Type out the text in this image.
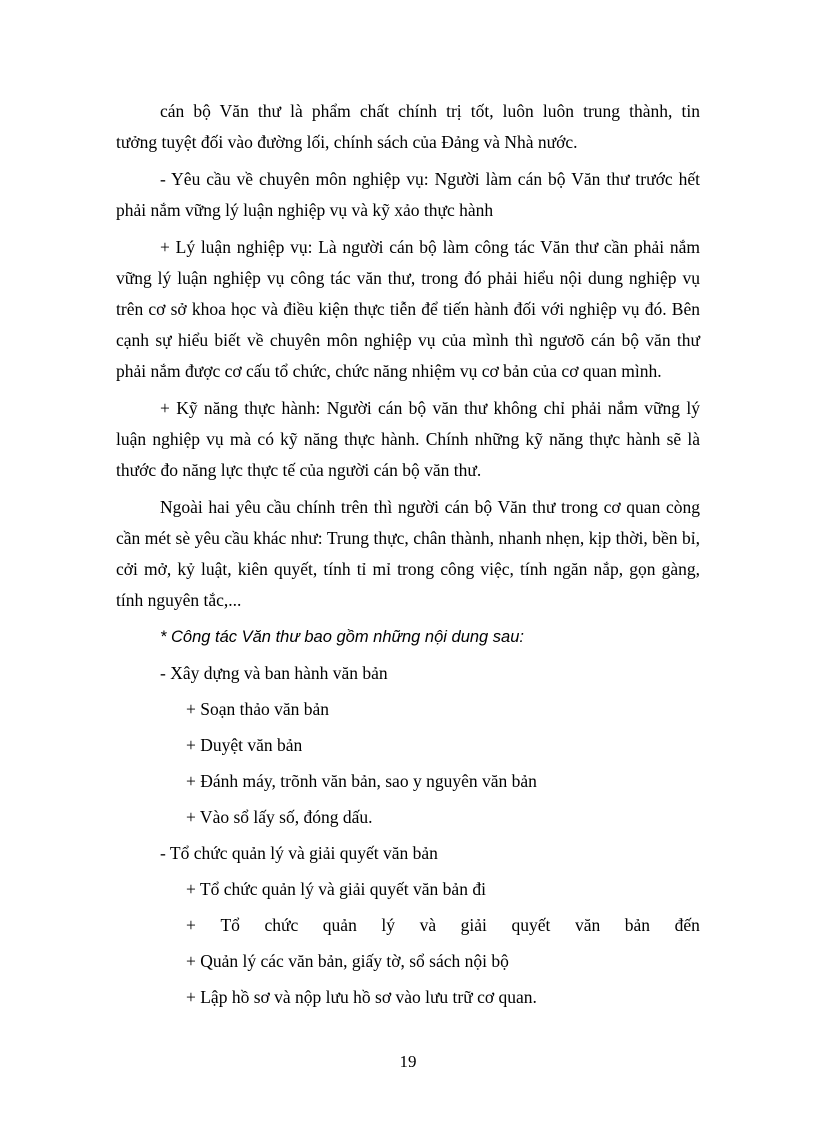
cán bộ Văn thư là phẩm chất chính trị tốt, luôn luôn trung thành, tin

tưởng tuyệt đối vào đường lối, chính sách của Đảng và Nhà nước.

- Yêu cầu về chuyên môn nghiệp vụ: Người làm cán bộ Văn thư trước hết phải nắm vững lý luận nghiệp vụ và kỹ xảo thực hành

+ Lý luận nghiệp vụ: Là người cán bộ làm công tác Văn thư cần phải nắm vững lý luận nghiệp vụ công tác văn thư, trong đó phải hiểu nội dung nghiệp vụ trên cơ sở khoa học và điều kiện thực tiễn để tiến hành đối với nghiệp vụ đó. Bên cạnh sự hiểu biết về chuyên môn nghiệp vụ của mình thì ngươõ cán bộ văn thư phải nắm được cơ cấu tổ chức, chức năng nhiệm vụ cơ bản của cơ quan mình.

+ Kỹ năng thực hành: Người cán bộ văn thư không chỉ phải nắm vững lý luận nghiệp vụ mà có kỹ năng thực hành. Chính những kỹ năng thực hành sẽ là thước đo năng lực thực tế của người cán bộ văn thư.

Ngoài hai yêu cầu chính trên thì người cán bộ Văn thư trong cơ quan còng cần mét sè yêu cầu khác như: Trung thực, chân thành, nhanh nhẹn, kịp thời, bền bỉ, cởi mở, kỷ luật, kiên quyết, tính tỉ mỉ trong công việc, tính ngăn nắp, gọn gàng, tính nguyên tắc,...

* Công tác Văn thư bao gồm những nội dung sau:
- Xây dựng và ban hành văn bản
+ Soạn thảo văn bản
+ Duyệt văn bản
+ Đánh máy, trõnh văn bản, sao y nguyên văn bản
+ Vào sổ lấy số, đóng dấu.
- Tổ chức quản lý và giải quyết văn bản
+ Tổ chức quản lý và giải quyết văn bản đi
+ Tổ chức quản lý và giải quyết văn bản đến
+ Quản lý các văn bản, giấy tờ, sổ sách nội bộ
+ Lập hồ sơ và nộp lưu hồ sơ vào lưu trữ cơ quan.
19
